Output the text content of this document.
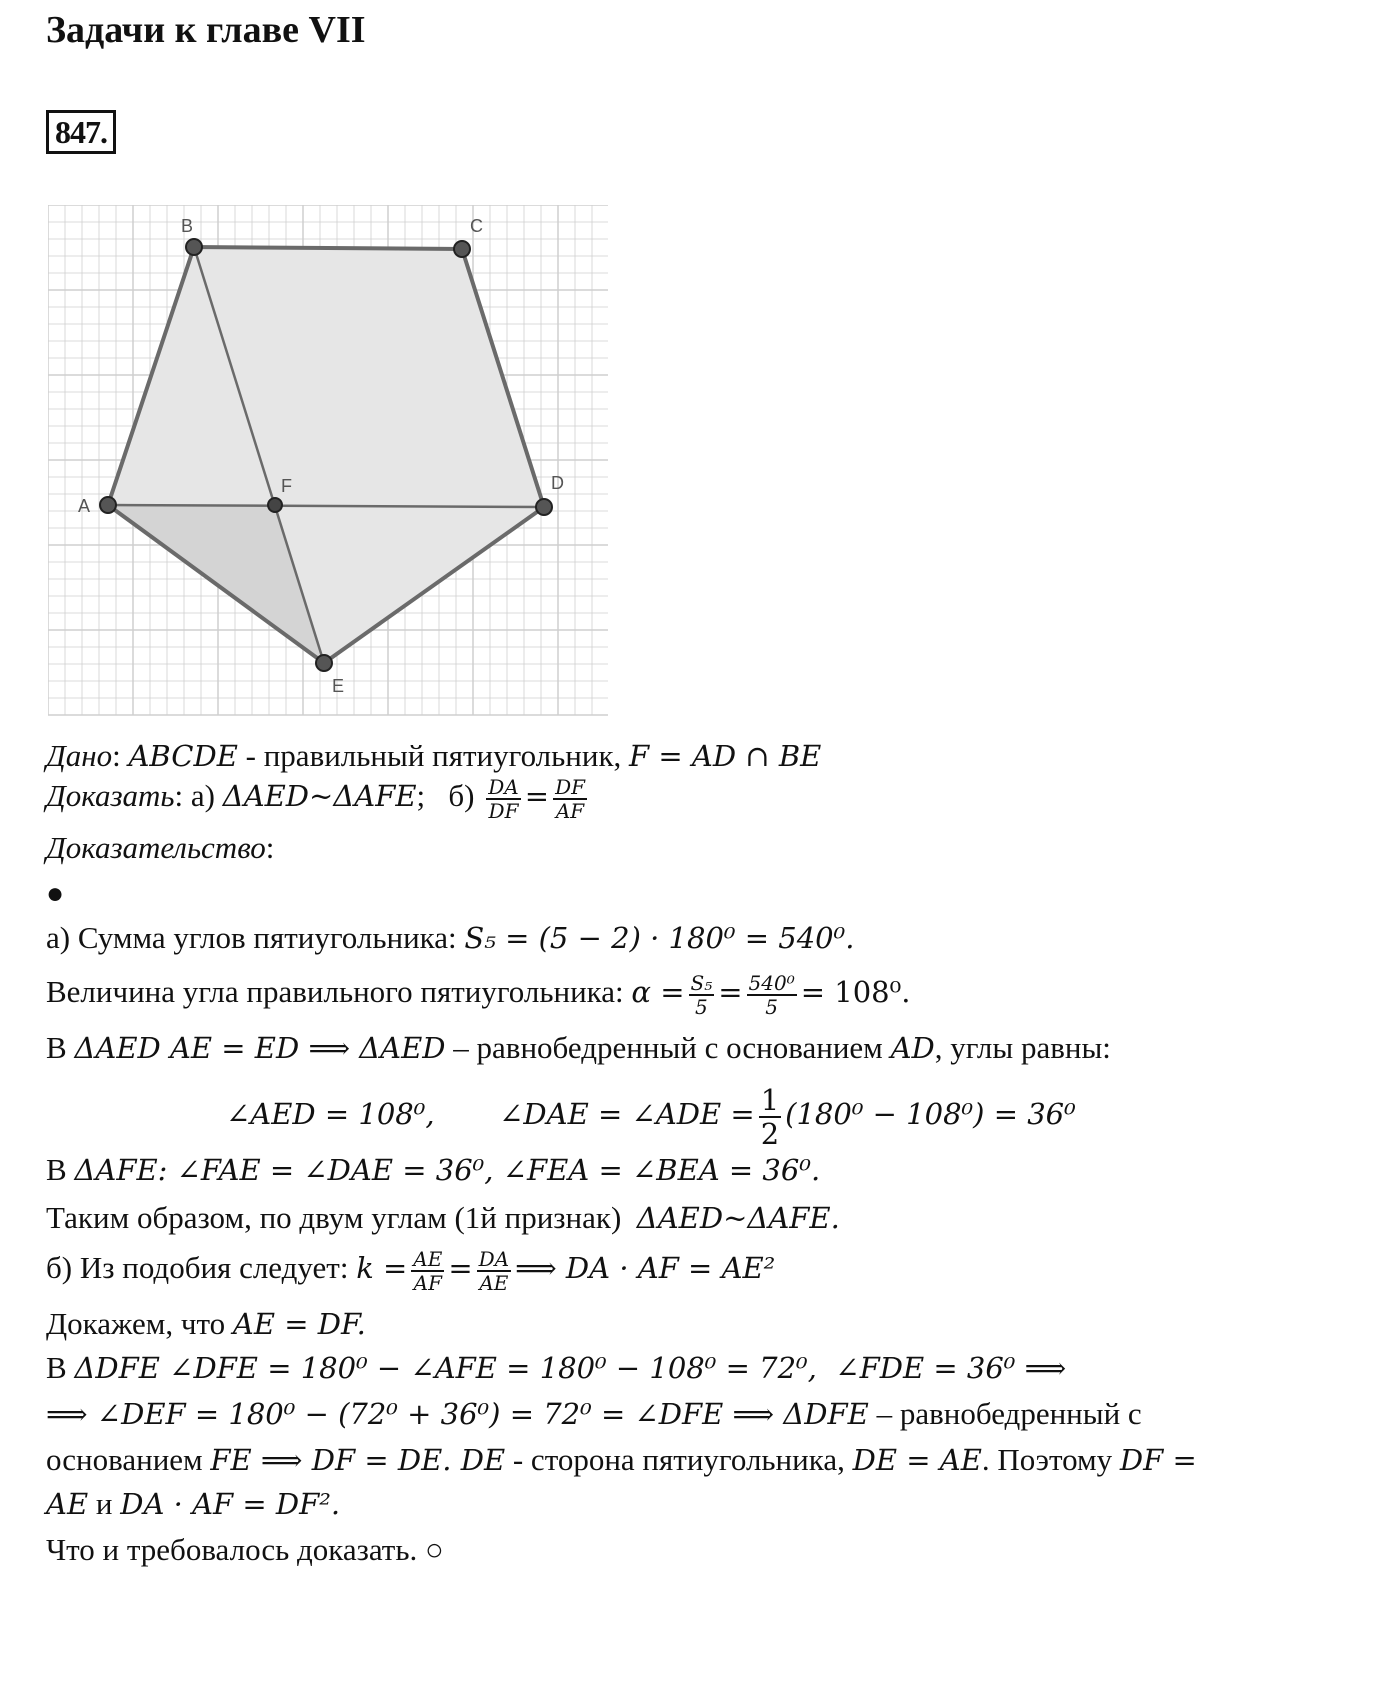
Задачи к главе VII
847.
A
B	C
D
E
F
Дано: ABCDE - правильный пятиугольник, F = AD ∩ BE
Доказать: а) ΔAED~ΔAFE;   $б) \frac{DA}{DF} = \frac{DF}{AF}$
Доказательство:
●
а) Сумма углов пятиугольника: S₅ = (5 − 2) · 180⁰ = 540⁰.
Величина угла правильного пятиугольника: $\alpha = \frac{\text{S₅}}{5} = \frac{\text{540⁰}}{5} = 108^0$.
В ΔAED AE = ED ⟹ ΔAED – равнобедренный с основанием AD, углы равны:
∠AED = 108⁰,       ∠DAE = ∠ADE = $\frac{1}{2} (180^0 - 108^0) = 36^0$
В ΔAFE: ∠FAE = ∠DAE = 36⁰, ∠FEA = ∠BEA = 36⁰.
Таким образом, по двум углам (1й признак)  ΔAED~ΔAFE.
б) Из подобия следует: $k = \frac{AE}{AF} = \frac{DA}{AE}$ ⟹ DA · AF = AE²
Докажем, что AE = DF.
В ΔDFE ∠DFE = 180⁰ − ∠AFE = 180⁰ − 108⁰ = 72⁰,  ∠FDE = 36⁰ ⟹
⟹ ∠DEF = 180⁰ − (72⁰ + 36⁰) = 72⁰ = ∠DFE ⟹ ΔDFE – равнобедренный с
основанием FE ⟹ DF = DE. DE - сторона пятиугольника, DE = AE. Поэтому DF =
AE и DA · AF = DF².
Что и требовалось доказать. ○
